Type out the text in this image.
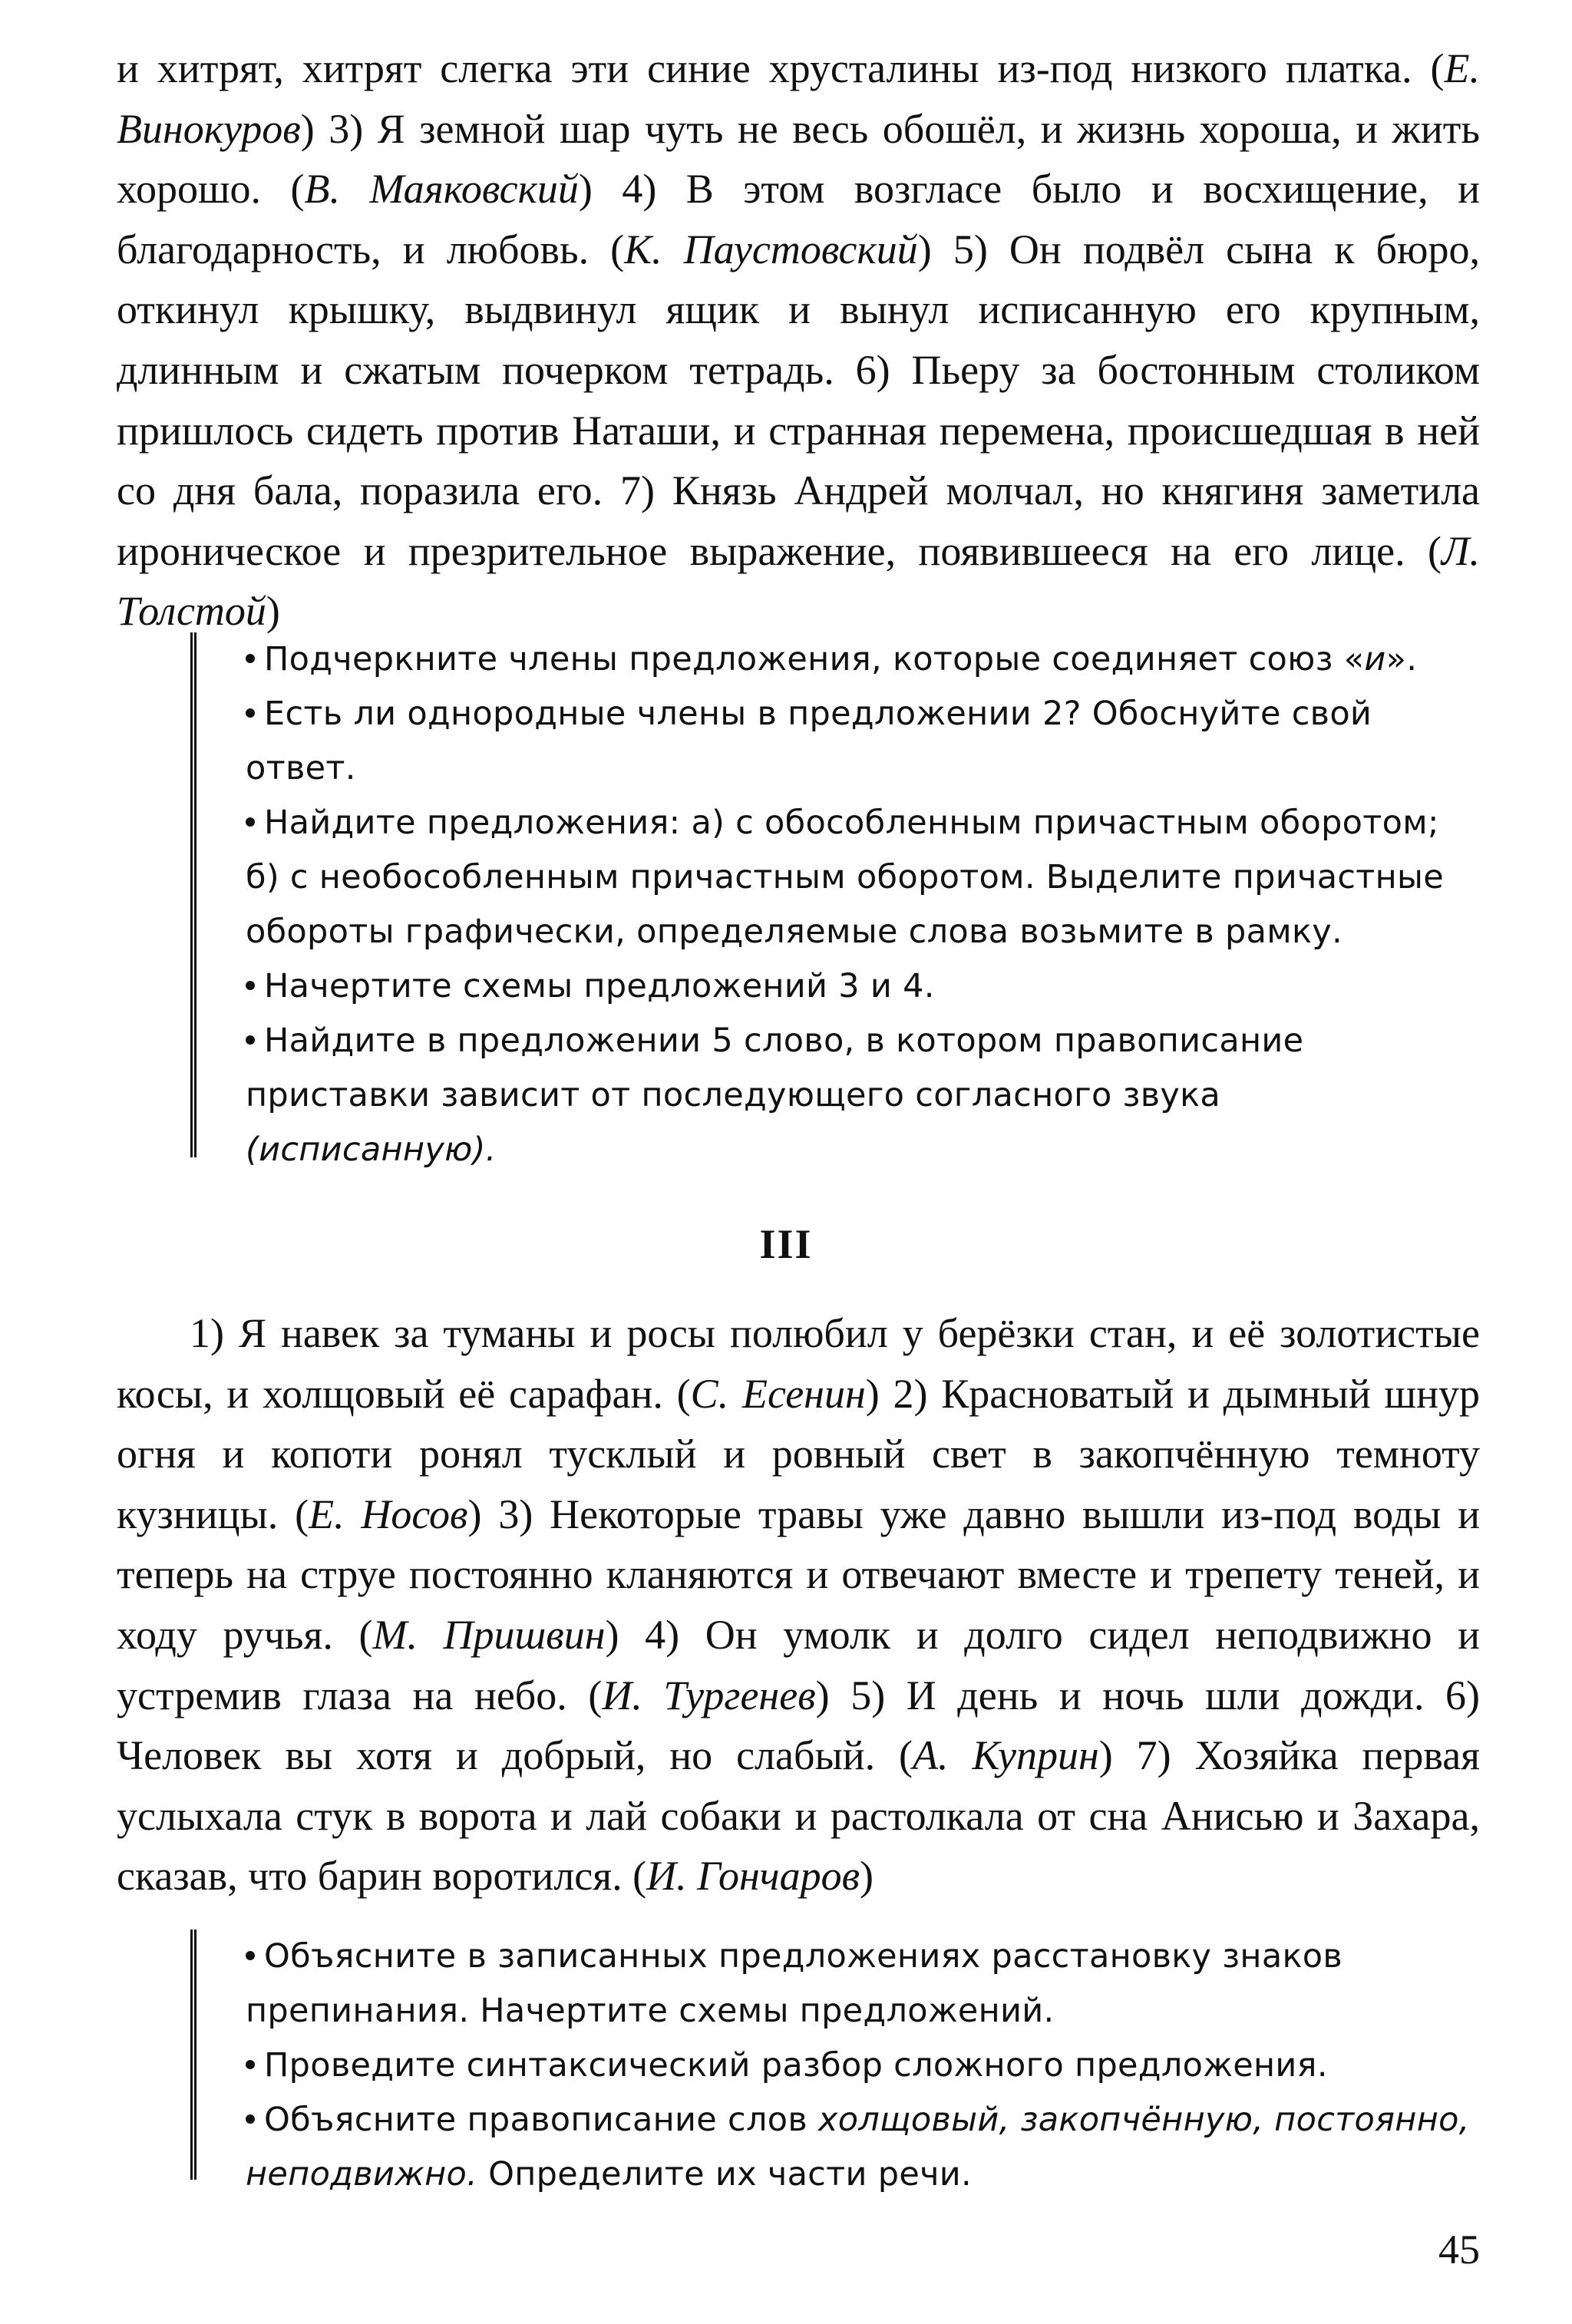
и хитрят, хитрят слегка эти синие хрусталины из-под низкого платка. (Е. Винокуров) 3) Я земной шар чуть не весь обошёл, и жизнь хороша, и жить хорошо. (В. Маяковский) 4) В этом возгласе было и восхищение, и благодарность, и любовь. (К. Паустовский) 5) Он подвёл сына к бюро, откинул крышку, выдвинул ящик и вынул исписанную его крупным, длинным и сжатым почерком тетрадь. 6) Пьеру за бостонным столиком пришлось сидеть против Наташи, и странная перемена, происшедшая в ней со дня бала, поразила его. 7) Князь Андрей молчал, но княгиня заметила ироническое и презрительное выражение, появившееся на его лице. (Л. Толстой)
Подчеркните члены предложения, которые соединяет союз «и».
Есть ли однородные члены в предложении 2? Обоснуйте свой ответ.
Найдите предложения: а) с обособленным причастным оборотом; б) с необособленным причастным оборотом. Выделите причастные обороты графически, определяемые слова возьмите в рамку.
Начертите схемы предложений 3 и 4.
Найдите в предложении 5 слово, в котором правописание приставки зависит от последующего согласного звука (исписанную).
III
1) Я навек за туманы и росы полюбил у берёзки стан, и её золотистые косы, и холщовый её сарафан. (С. Есенин) 2) Красноватый и дымный шнур огня и копоти ронял тусклый и ровный свет в закопчённую темноту кузницы. (Е. Носов) 3) Некоторые травы уже давно вышли из-под воды и теперь на струе постоянно кланяются и отвечают вместе и трепету теней, и ходу ручья. (М. Пришвин) 4) Он умолк и долго сидел неподвижно и устремив глаза на небо. (И. Тургенев) 5) И день и ночь шли дожди. 6) Человек вы хотя и добрый, но слабый. (А. Куприн) 7) Хозяйка первая услыхала стук в ворота и лай собаки и растолкала от сна Анисью и Захара, сказав, что барин воротился. (И. Гончаров)
Объясните в записанных предложениях расстановку знаков препинания. Начертите схемы предложений.
Проведите синтаксический разбор сложного предложения.
Объясните правописание слов холщовый, закопчённую, постоянно, неподвижно. Определите их части речи.
45
